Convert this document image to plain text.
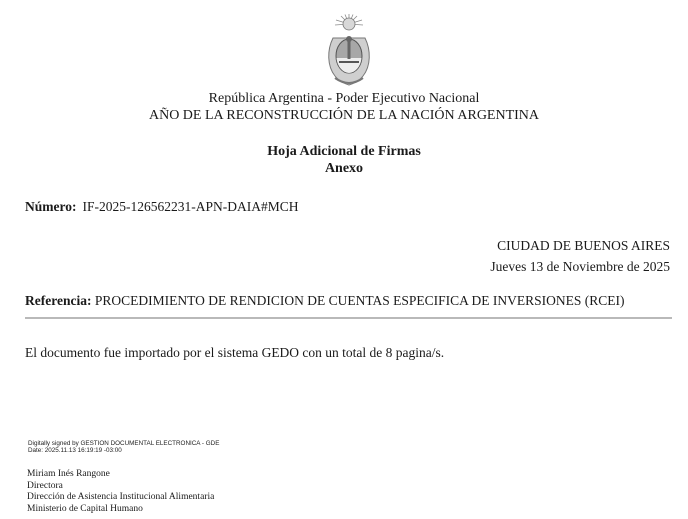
República Argentina - Poder Ejecutivo Nacional
AÑO DE LA RECONSTRUCCIÓN DE LA NACIÓN ARGENTINA
Hoja Adicional de Firmas
Anexo
Número: IF-2025-126562231-APN-DAIA#MCH
CIUDAD DE BUENOS AIRES
Jueves 13 de Noviembre de 2025
Referencia: PROCEDIMIENTO DE RENDICION DE CUENTAS ESPECIFICA DE INVERSIONES (RCEI)
El documento fue importado por el sistema GEDO con un total de 8 pagina/s.
Digitally signed by GESTION DOCUMENTAL ELECTRONICA - GDE
Date: 2025.11.13 16:19:19 -03:00
Miriam Inés Rangone
Directora
Dirección de Asistencia Institucional Alimentaria
Ministerio de Capital Humano
